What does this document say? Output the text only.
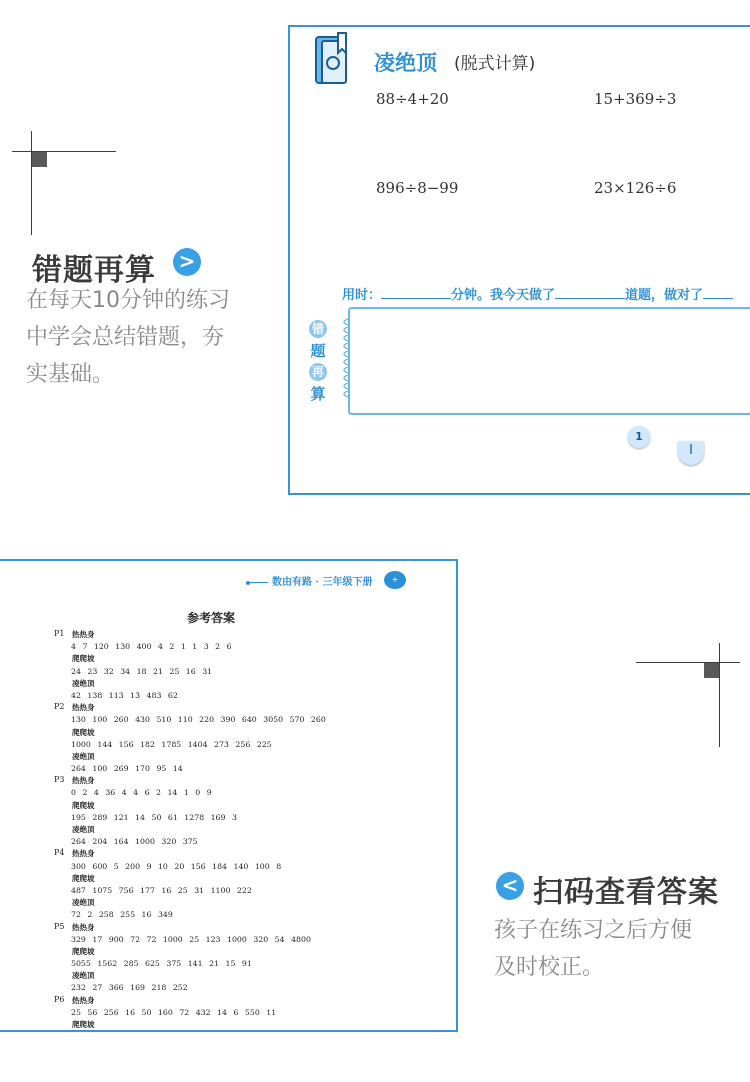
错题再算 >
在每天10分钟的练习
中学会总结错题，夯
实基础。
< 扫码查看答案
孩子在练习之后方便
及时校正。
凌绝顶 (脱式计算)
88÷4+20	15+369÷3
896÷8−99	23×126÷6
用时：	分钟。我今天做了	道题，做对了
错
题
再
算
1
I
数由有路 · 三年级下册	+−×÷
参考答案
P1	热热身
4 7 120 130 400 4 2 1 1 3 2 6
爬爬坡
24 23 32 34 18 21 25 16 31
凌绝顶
42 138 113 13 483 62
P2	热热身
130 100 260 430 510 110 220 390 640 3050 570 260
爬爬坡
1000 144 156 182 1785 1404 273 256 225
凌绝顶
264 100 269 170 95 14
P3	热热身
0 2 4 36 4 4 6 2 14 1 0 9
爬爬坡
195 289 121 14 50 61 1278 169 3
凌绝顶
264 204 164 1000 320 375
P4	热热身
300 600 5 200 9 10 20 156 184 140 100 8
爬爬坡
487 1075 756 177 16 25 31 1100 222
凌绝顶
72 2 258 255 16 349
P5	热热身
329 17 900 72 72 1000 25 123 1000 320 54 4800
爬爬坡
5055 1562 285 625 375 141 21 15 91
凌绝顶
232 27 366 169 218 252
P6	热热身
25 56 256 16 50 160 72 432 14 6 550 11
爬爬坡
